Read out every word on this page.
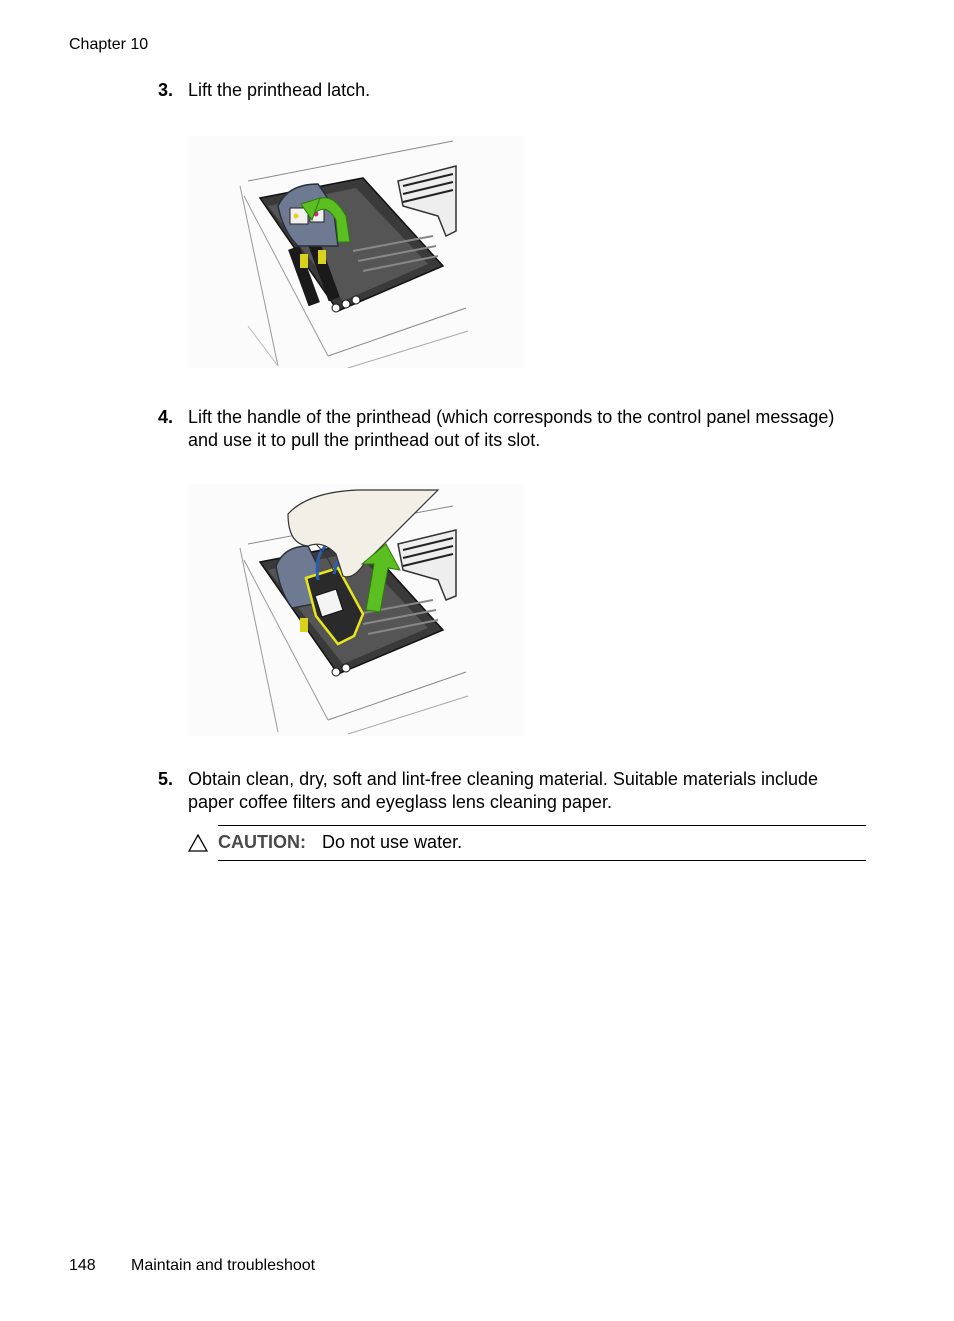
Chapter 10
3. Lift the printhead latch.
4. Lift the handle of the printhead (which corresponds to the control panel message) and use it to pull the printhead out of its slot.
5. Obtain clean, dry, soft and lint-free cleaning material. Suitable materials include paper coffee filters and eyeglass lens cleaning paper.
CAUTION: Do not use water.
148 Maintain and troubleshoot
